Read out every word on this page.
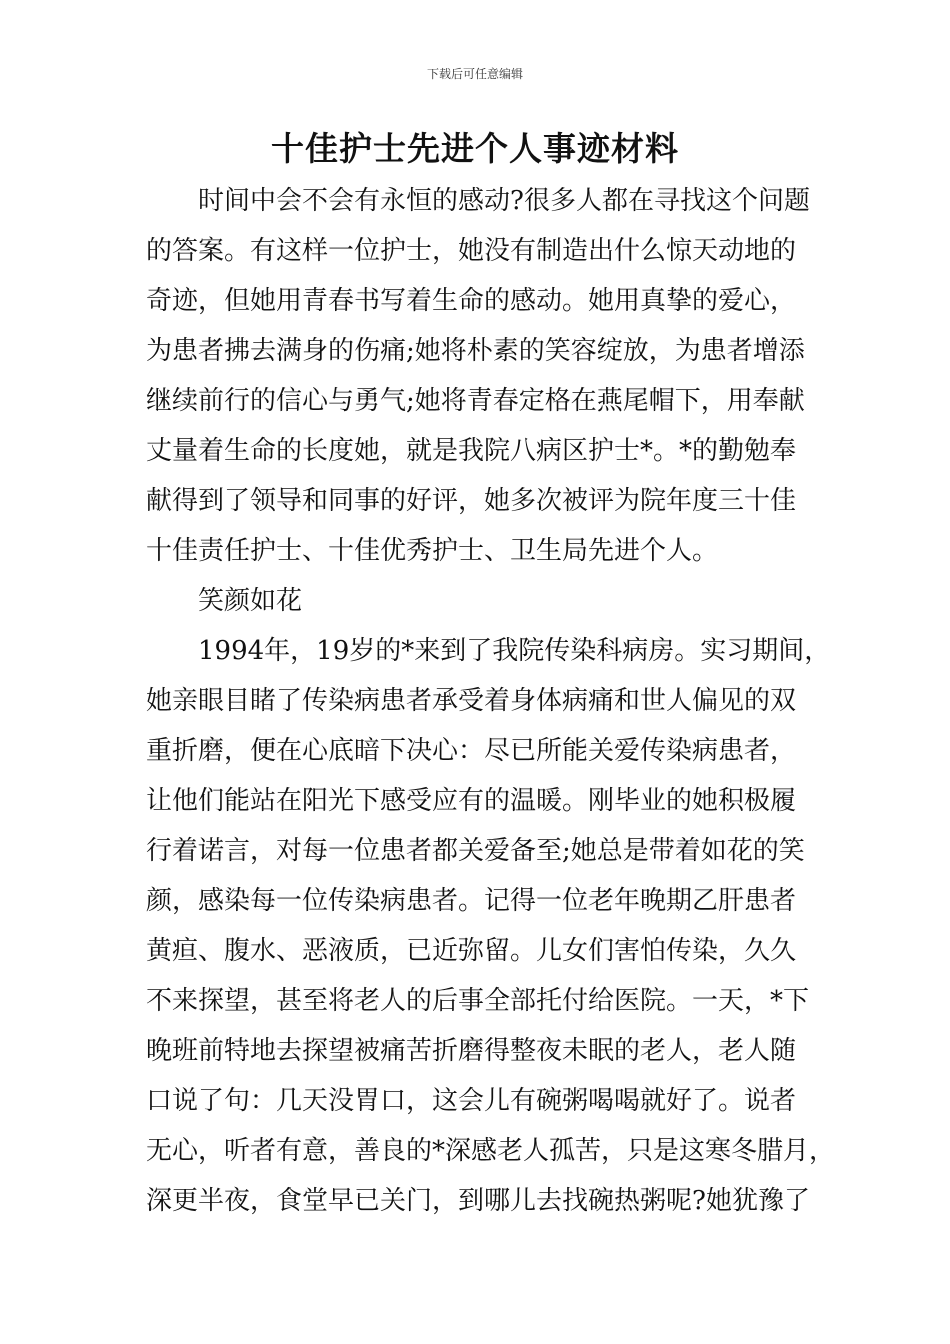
下载后可任意编辑
十佳护士先进个人事迹材料
时间中会不会有永恒的感动?很多人都在寻找这个问题
的答案。有这样一位护士，她没有制造出什么惊天动地的
奇迹，但她用青春书写着生命的感动。她用真挚的爱心，
为患者拂去满身的伤痛;她将朴素的笑容绽放，为患者增添
继续前行的信心与勇气;她将青春定格在燕尾帽下，用奉献
丈量着生命的长度她，就是我院八病区护士*。*的勤勉奉
献得到了领导和同事的好评，她多次被评为院年度三十佳
十佳责任护士、十佳优秀护士、卫生局先进个人。
笑颜如花
1994年，19岁的*来到了我院传染科病房。实习期间，
她亲眼目睹了传染病患者承受着身体病痛和世人偏见的双
重折磨，便在心底暗下决心：尽已所能关爱传染病患者，
让他们能站在阳光下感受应有的温暖。刚毕业的她积极履
行着诺言，对每一位患者都关爱备至;她总是带着如花的笑
颜，感染每一位传染病患者。记得一位老年晚期乙肝患者
黄疸、腹水、恶液质，已近弥留。儿女们害怕传染，久久
不来探望，甚至将老人的后事全部托付给医院。一天，*下
晚班前特地去探望被痛苦折磨得整夜未眠的老人，老人随
口说了句：几天没胃口，这会儿有碗粥喝喝就好了。说者
无心，听者有意，善良的*深感老人孤苦，只是这寒冬腊月，
深更半夜，食堂早已关门，到哪儿去找碗热粥呢?她犹豫了
